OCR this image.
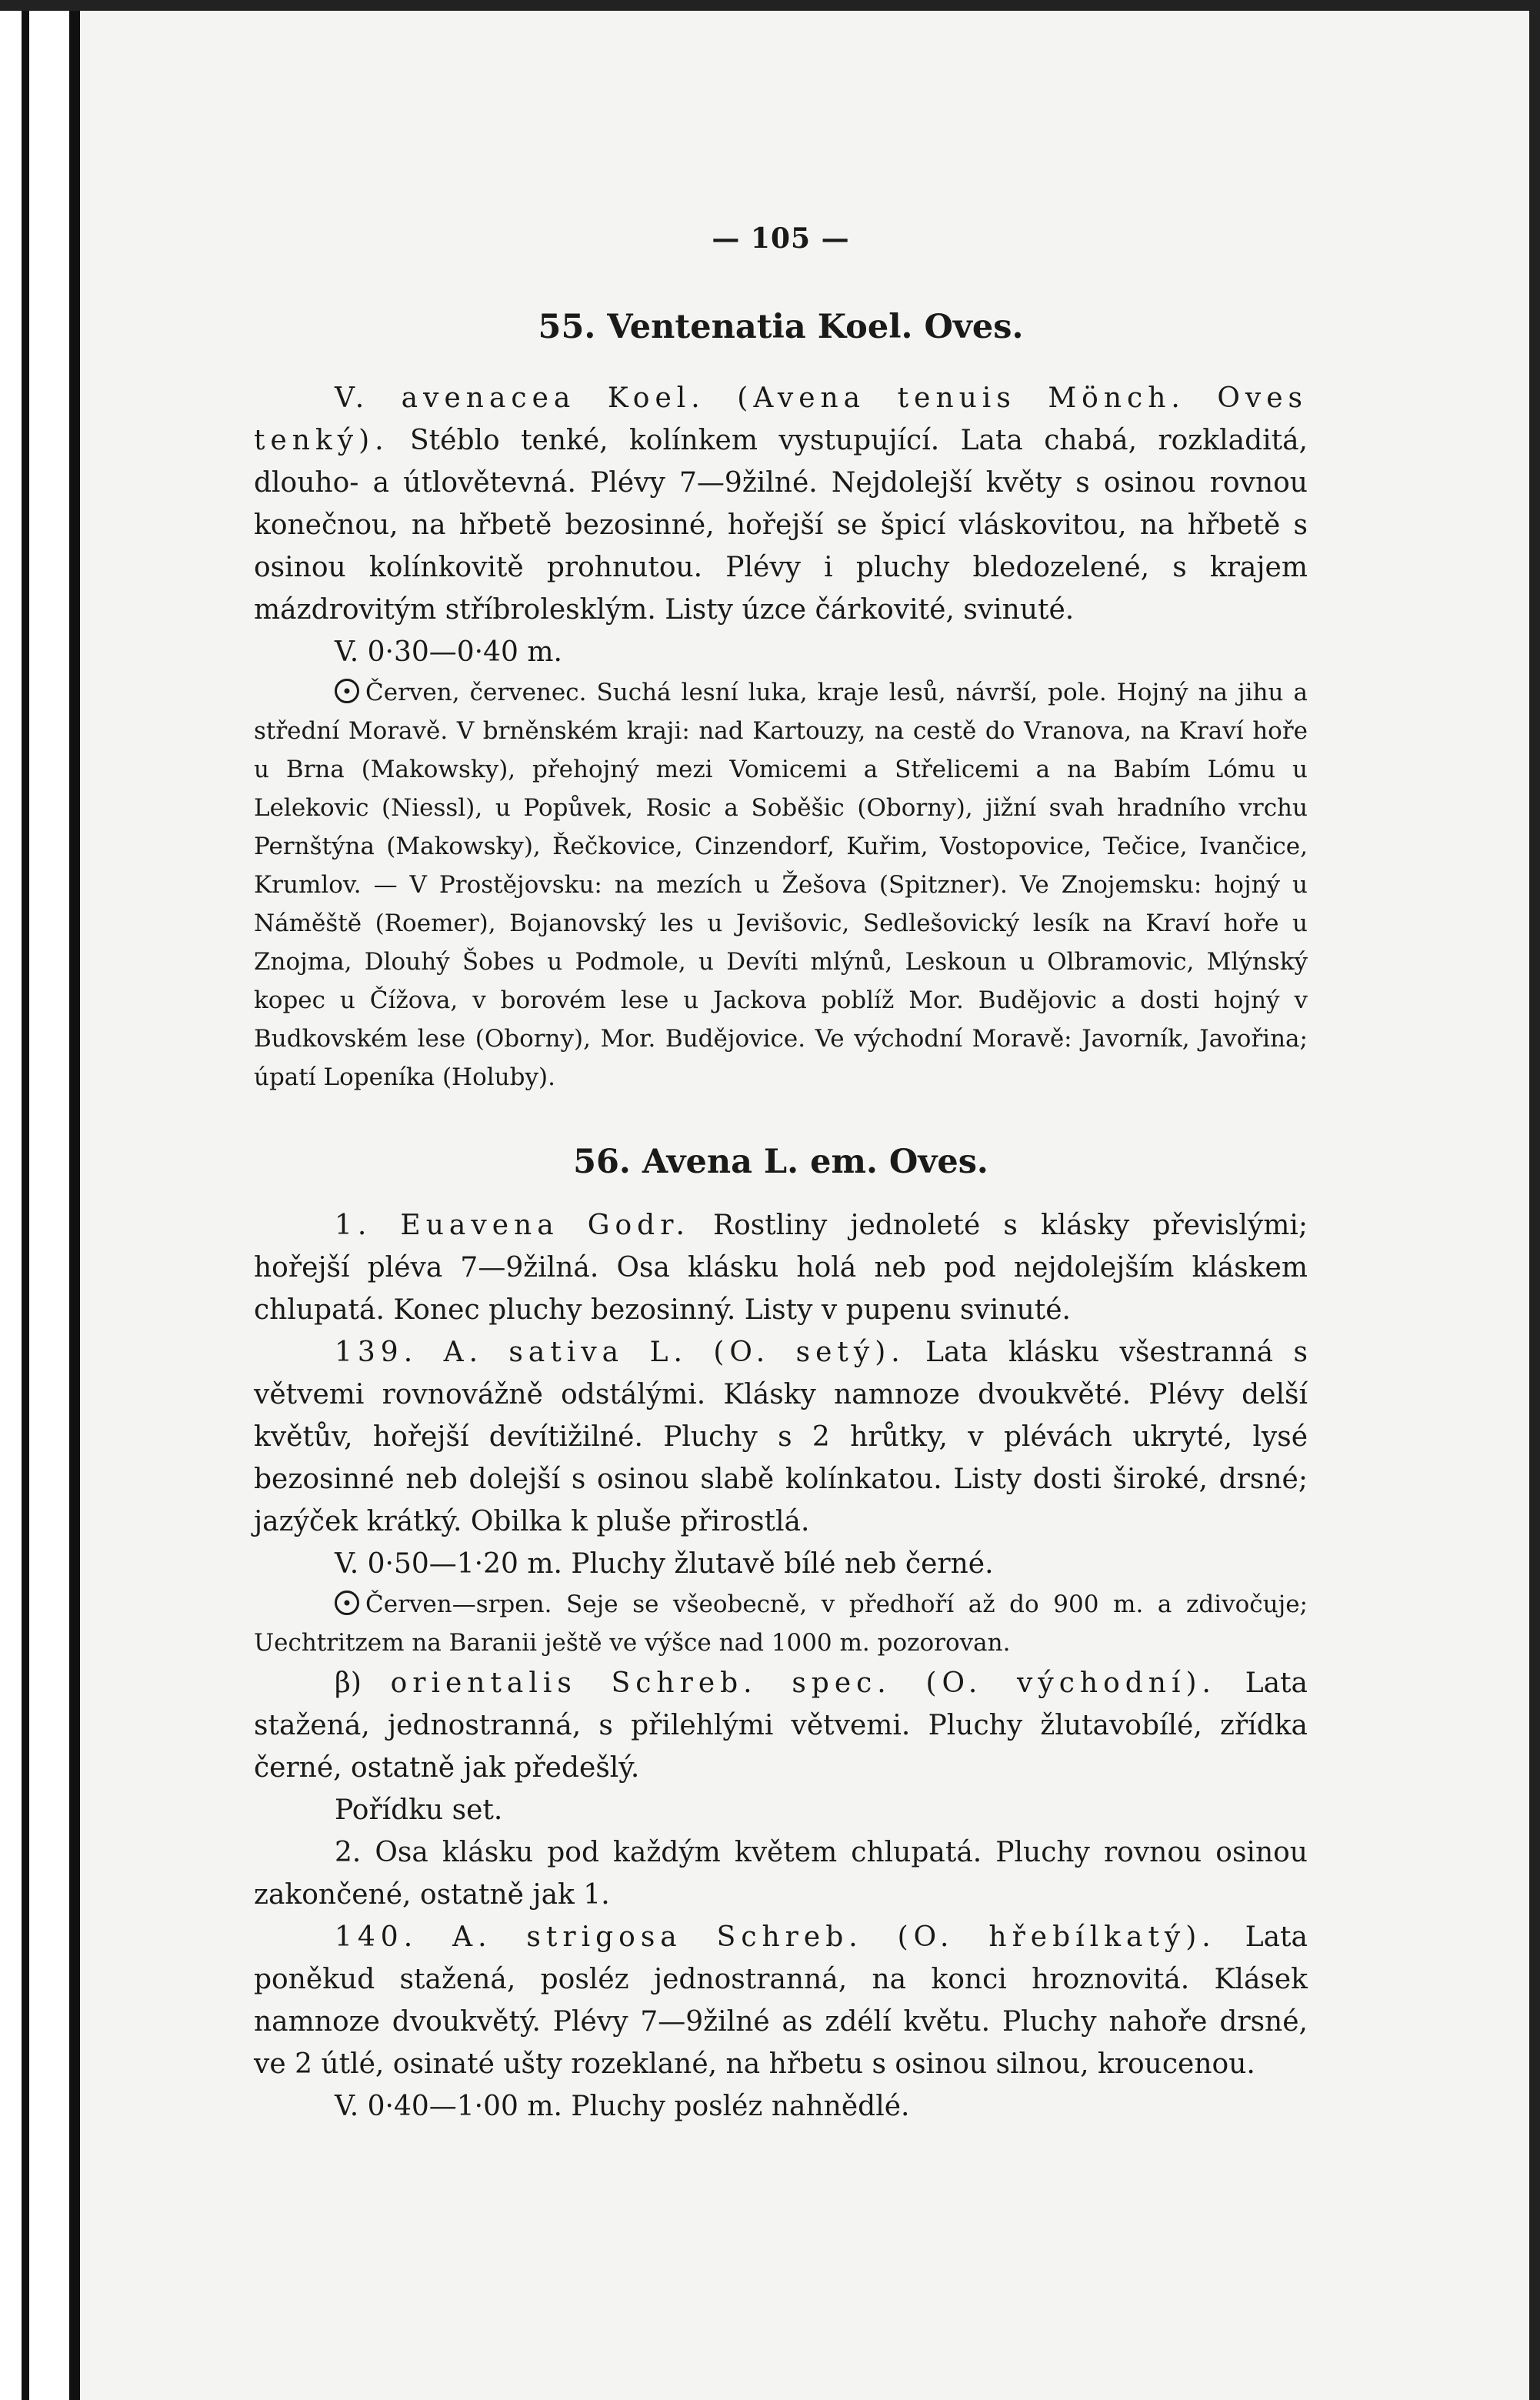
— 105 —
55. Ventenatia Koel. Oves.

V. avenacea Koel. (Avena tenuis Mönch. Oves tenký). Stéblo tenké, kolínkem vystupující. Lata chabá, rozkladitá, dlouho- a útlovětevná. Plévy 7—9žilné. Nejdolejší květy s osinou rovnou konečnou, na hřbetě bezosinné, hořejší se špicí vláskovitou, na hřbetě s osinou kolínkovitě prohnutou. Plévy i pluchy bledozelené, s krajem mázdrovitým stříbrolesklým. Listy úzce čárkovité, svinuté.

V. 0·30—0·40 m.

Červen, červenec. Suchá lesní luka, kraje lesů, návrší, pole. Hojný na jihu a střední Moravě. V brněnském kraji: nad Kartouzy, na cestě do Vranova, na Kraví hoře u Brna (Makowsky), přehojný mezi Vomicemi a Střelicemi a na Babím Lómu u Lelekovic (Niessl), u Popůvek, Rosic a Soběšic (Oborny), jižní svah hradního vrchu Pernštýna (Makowsky), Řečkovice, Cinzendorf, Kuřim, Vostopovice, Tečice, Ivančice, Krumlov. — V Prostějovsku: na mezích u Žešova (Spitzner). Ve Znojemsku: hojný u Náměště (Roemer), Bojanovský les u Jevišovic, Sedlešovický lesík na Kraví hoře u Znojma, Dlouhý Šobes u Podmole, u Devíti mlýnů, Leskoun u Olbramovic, Mlýnský kopec u Čížova, v borovém lese u Jackova poblíž Mor. Budějovic a dosti hojný v Budkovském lese (Oborny), Mor. Budějovice. Ve východní Moravě: Javorník, Javořina; úpatí Lopeníka (Holuby).

56. Avena L. em. Oves.

1. Euavena Godr. Rostliny jednoleté s klásky převislými; hořejší pléva 7—9žilná. Osa klásku holá neb pod nejdolejším kláskem chlupatá. Konec pluchy bezosinný. Listy v pupenu svinuté.

139. A. sativa L. (O. setý). Lata klásku všestranná s větvemi rovnovážně odstálými. Klásky namnoze dvoukvěté. Plévy delší květův, hořejší devítižilné. Pluchy s 2 hrůtky, v plévách ukryté, lysé bezosinné neb dolejší s osinou slabě kolínkatou. Listy dosti široké, drsné; jazýček krátký. Obilka k pluše přirostlá.

V. 0·50—1·20 m. Pluchy žlutavě bílé neb černé.

Červen—srpen. Seje se všeobecně, v předhoří až do 900 m. a zdivočuje; Uechtritzem na Baranii ještě ve výšce nad 1000 m. pozorovan.

β) orientalis Schreb. spec. (O. východní). Lata stažená, jednostranná, s přilehlými větvemi. Pluchy žlutavobílé, zřídka černé, ostatně jak předešlý.

Pořídku set.

2. Osa klásku pod každým květem chlupatá. Pluchy rovnou osinou zakončené, ostatně jak 1.

140. A. strigosa Schreb. (O. hřebílkatý). Lata poněkud stažená, posléz jednostranná, na konci hroznovitá. Klásek namnoze dvoukvětý. Plévy 7—9žilné as zdélí květu. Pluchy nahoře drsné, ve 2 útlé, osinaté ušty rozeklané, na hřbetu s osinou silnou, kroucenou.

V. 0·40—1·00 m. Pluchy posléz nahnědlé.
